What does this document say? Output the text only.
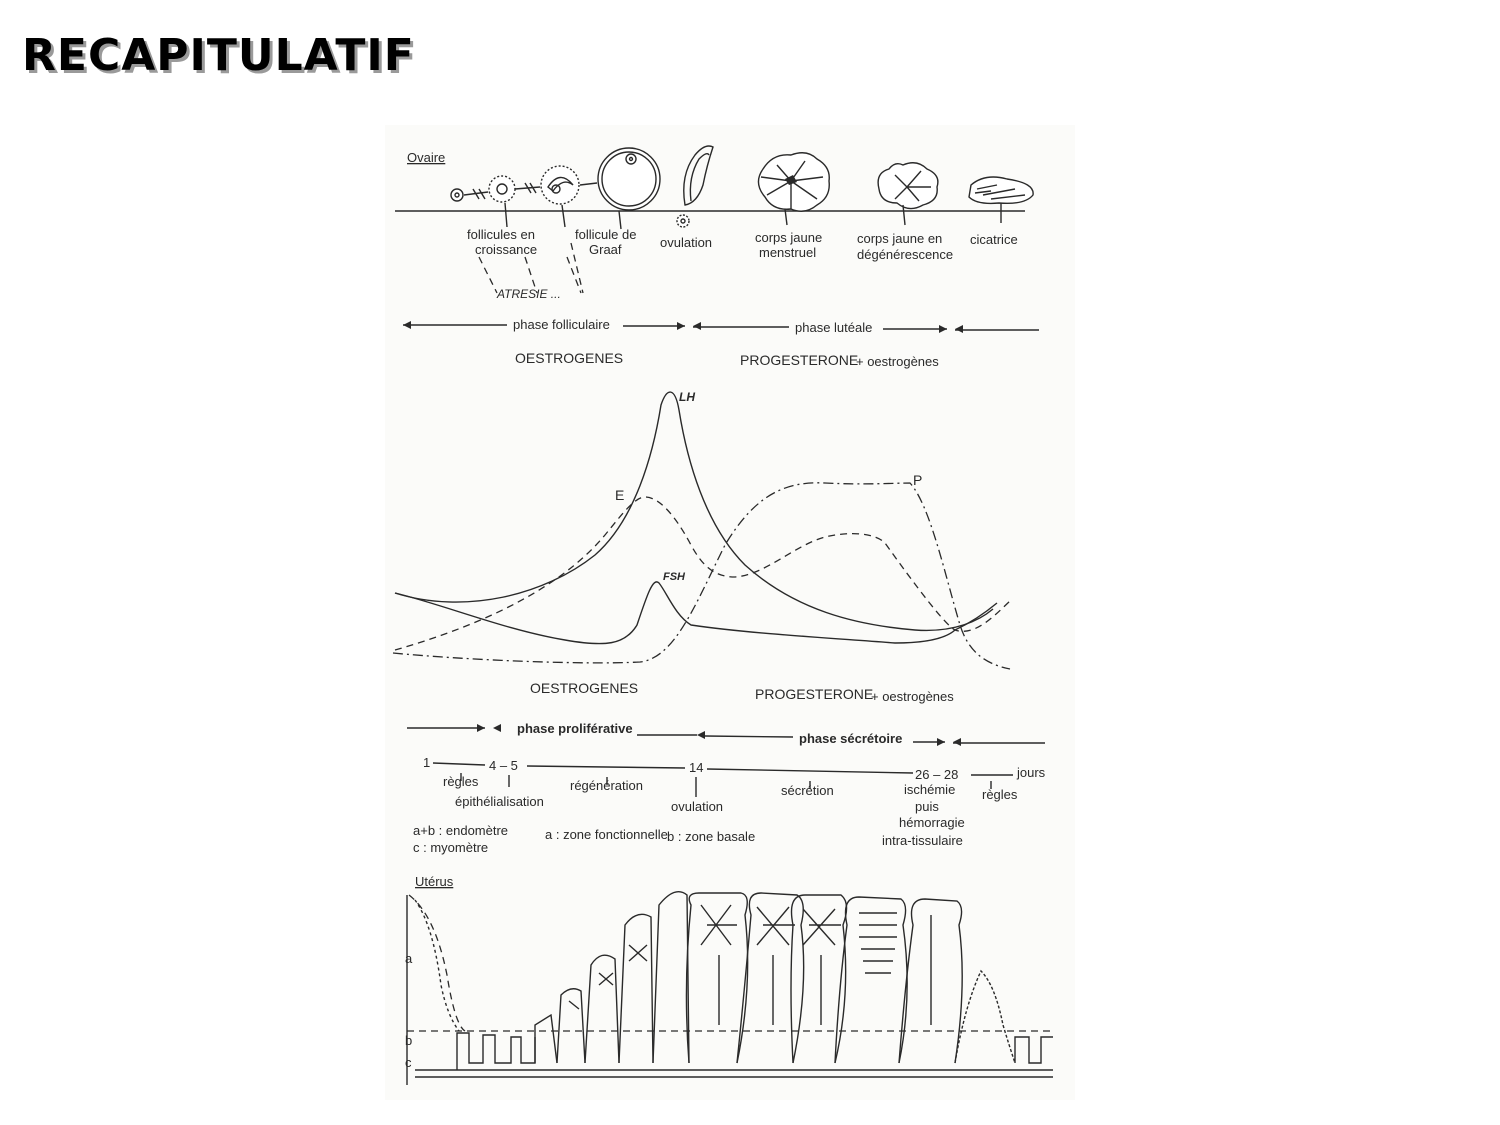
RECAPITULATIF
Ovaire
follicules en
croissance
follicule de
Graaf	ovulation	corps jaune
menstruel
corps jaune en
dégénérescence
cicatrice
ATRESIE ...
phase folliculaire	phase lutéale
OESTROGENES	PROGESTERONE
+ oestrogènes
LH
E
FSH
P
OESTROGENES	PROGESTERONE
+ oestrogènes
phase proliférative
phase sécrétoire
1	4 – 5	14	26 – 28	jours
règles
épithélialisation
régénération
ovulation
sécrétion	ischémie
puis
hémorragie
intra-tissulaire
règles
a+b : endomètre	a : zone fonctionnelle b : zone basale
c : myomètre
Utérus
a
b
c
